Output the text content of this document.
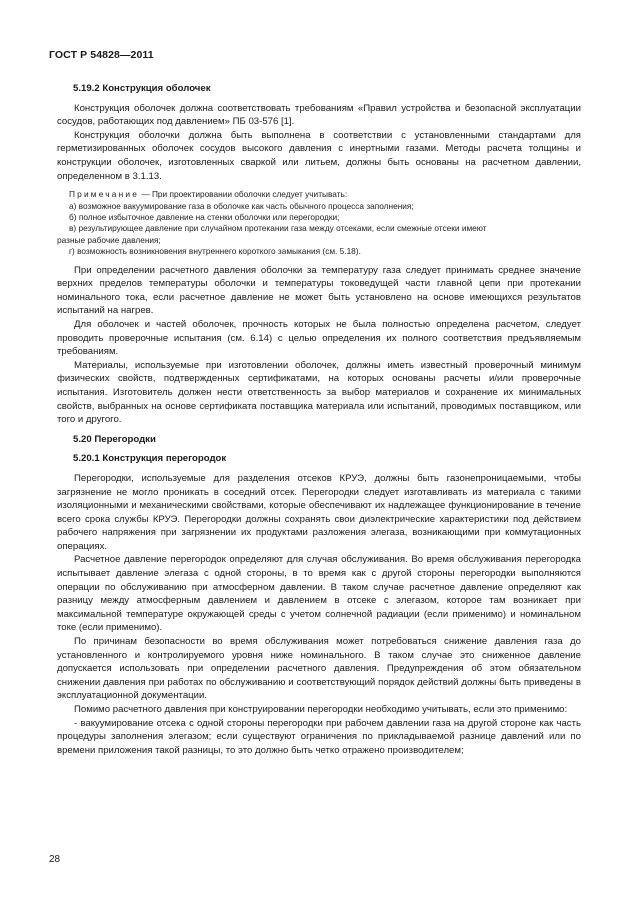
ГОСТ Р 54828—2011
5.19.2 Конструкция оболочек

Конструкция оболочек должна соответствовать требованиям «Правил устройства и безопасной эксплуатации сосудов, работающих под давлением» ПБ 03-576 [1].

Конструкция оболочки должна быть выполнена в соответствии с установленными стандартами для герметизированных оболочек сосудов высокого давления с инертными газами. Методы расчета толщины и конструкции оболочек, изготовленных сваркой или литьем, должны быть основаны на расчетном давлении, определенном в 3.1.13.

Примечание — При проектировании оболочки следует учитывать:

а) возможное вакуумирование газа в оболочке как часть обычного процесса заполнения;

б) полное избыточное давление на стенки оболочки или перегородки;

в) результирующее давление при случайном протекании газа между отсеками, если смежные отсеки имеют

разные рабочие давления;

г) возможность возникновения внутреннего короткого замыкания (см. 5.18).

При определении расчетного давления оболочки за температуру газа следует принимать среднее значение верхних пределов температуры оболочки и температуры токоведущей части главной цепи при протекании номинального тока, если расчетное давление не может быть установлено на основе имеющихся результатов испытаний на нагрев.

Для оболочек и частей оболочек, прочность которых не была полностью определена расчетом, следует проводить проверочные испытания (см. 6.14) с целью определения их полного соответствия предъявляемым требованиям.

Материалы, используемые при изготовлении оболочек, должны иметь известный проверочный минимум физических свойств, подтвержденных сертификатами, на которых основаны расчеты и/или проверочные испытания. Изготовитель должен нести ответственность за выбор материалов и сохранение их минимальных свойств, выбранных на основе сертификата поставщика материала или испытаний, проводимых поставщиком, или того и другого.

5.20 Перегородки
5.20.1 Конструкция перегородок

Перегородки, используемые для разделения отсеков КРУЭ, должны быть газонепроницаемыми, чтобы загрязнение не могло проникать в соседний отсек. Перегородки следует изготавливать из материала с такими изоляционными и механическими свойствами, которые обеспечивают их надлежащее функционирование в течение всего срока службы КРУЭ. Перегородки должны сохранять свои диэлектрические характеристики под действием рабочего напряжения при загрязнении их продуктами разложения элегаза, возникающими при коммутационных операциях.

Расчетное давление перегородок определяют для случая обслуживания. Во время обслуживания перегородка испытывает давление элегаза с одной стороны, в то время как с другой стороны перегородки выполняются операции по обслуживанию при атмосферном давлении. В таком случае расчетное давление определяют как разницу между атмосферным давлением и давлением в отсеке с элегазом, которое там возникает при максимальной температуре окружающей среды с учетом солнечной радиации (если применимо) и номинальном токе (если применимо).

По причинам безопасности во время обслуживания может потребоваться снижение давления газа до установленного и контролируемого уровня ниже номинального. В таком случае это сниженное давление допускается использовать при определении расчетного давления. Предупреждения об этом обязательном снижении давления при работах по обслуживанию и соответствующий порядок действий должны быть приведены в эксплуатационной документации.

Помимо расчетного давления при конструировании перегородки необходимо учитывать, если это применимо:

- вакуумирование отсека с одной стороны перегородки при рабочем давлении газа на другой стороне как часть процедуры заполнения элегазом; если существуют ограничения по прикладываемой разнице давлений или по времени приложения такой разницы, то это должно быть четко отражено производителем;

28
